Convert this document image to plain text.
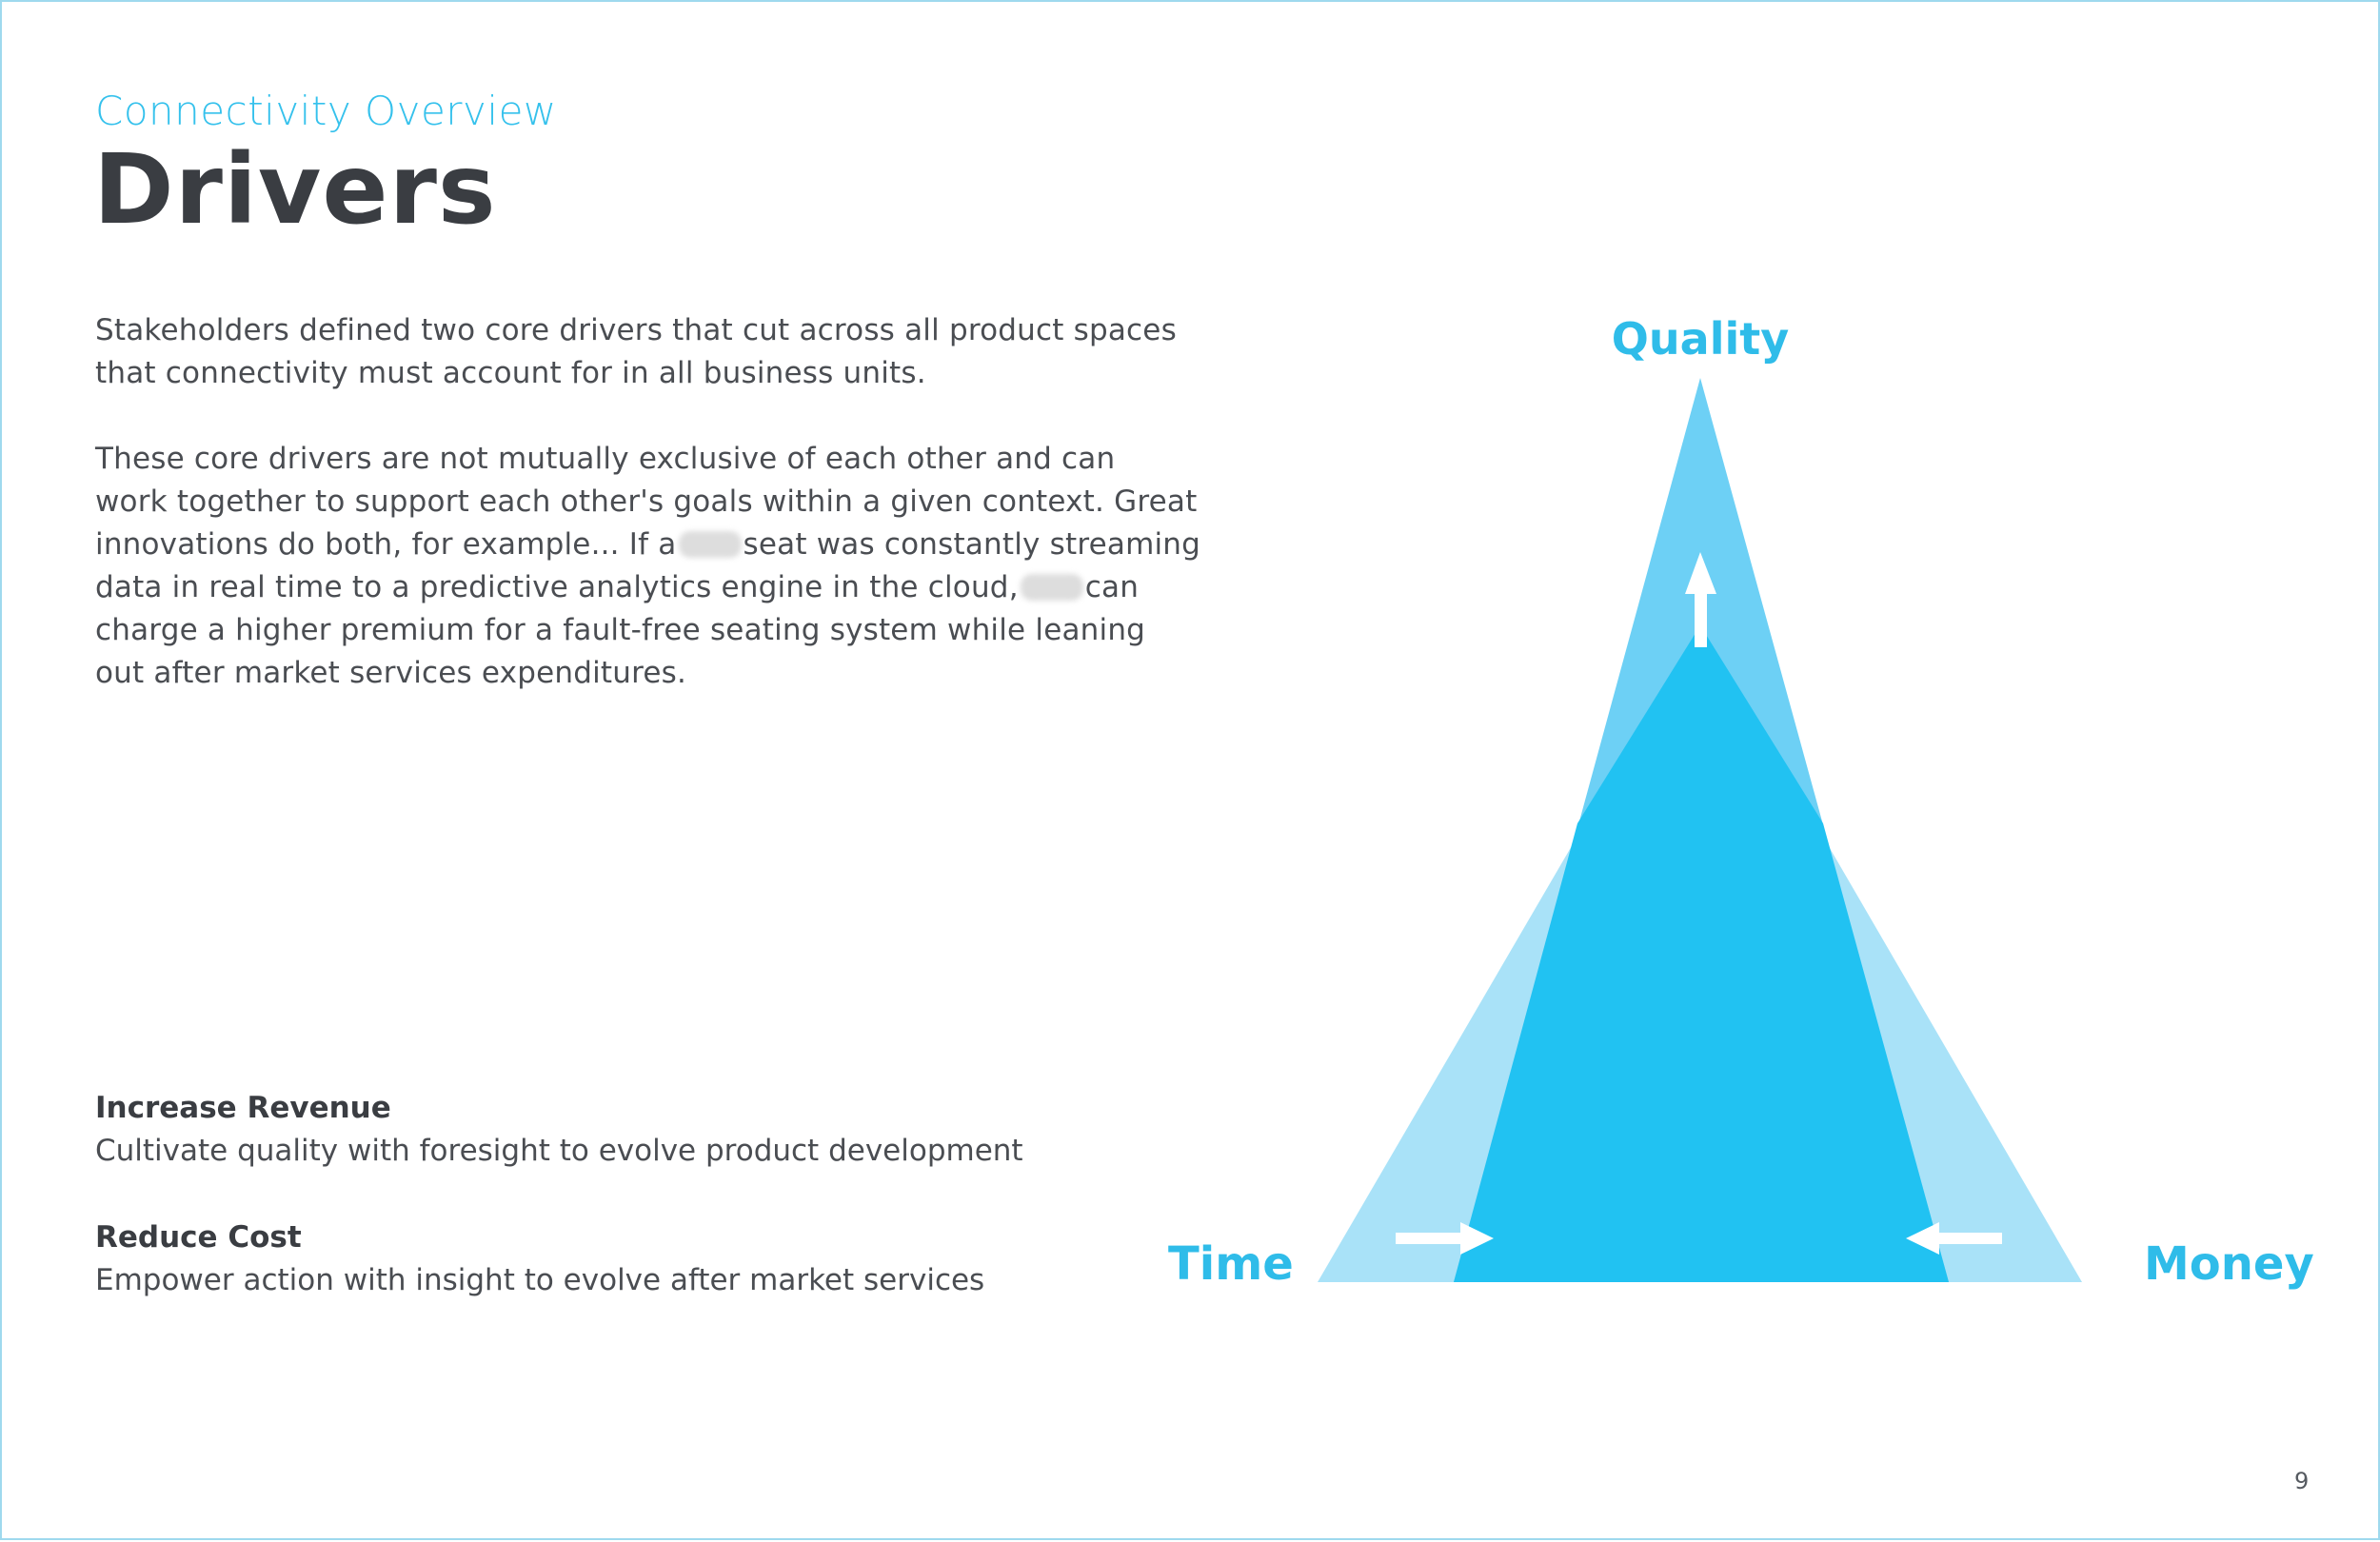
Connectivity Overview
Drivers
Stakeholders defined two core drivers that cut across all product spaces
that connectivity must account for in all business units.
These core drivers are not mutually exclusive of each other and can
work together to support each other's goals within a given context. Great
innovations do both, for example... If a seat was constantly streaming
data in real time to a predictive analytics engine in the cloud, can
charge a higher premium for a fault-free seating system while leaning
out after market services expenditures.
Increase Revenue
Cultivate quality with foresight to evolve product development
Reduce Cost
Empower action with insight to evolve after market services
Quality
Time	Money
9
